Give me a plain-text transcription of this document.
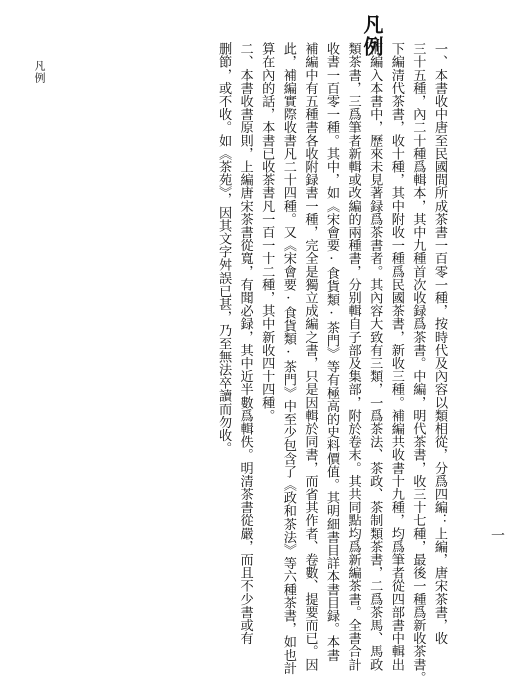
凡例
一、本書收中唐至民國間所成茶書一百零一種，按時代及內容以類相從，分爲四編：上編，唐宋茶書，收
三十五種，內二十種爲輯本，其中九種首次收録爲茶書。中編，明代茶書，收三十七種，最後一種爲新收茶書。
下編清代茶書，收十種，其中附收一種爲民國茶書，新收三種。補編共收書十九種，均爲筆者從四部書中輯出
而編入本書中，歷來未見著録爲茶書者。其內容大致有三類，一爲茶法、茶政、茶制類茶書，二爲茶馬、馬政
類茶書，三爲筆者新輯或改編的兩種書，分别輯自子部及集部，附於卷末。其共同點均爲新編茶書。全書合計
收書一百零一種。其中，如《宋會要·食貨類·茶門》等有極高的史料價值。其明細書目詳本書目録。本書
補編中有五種書各收附録書一種，完全是獨立成編之書，只是因輯於同書，而省其作者、卷數、提要而已。因
此，補編實際收書凡二十四種。又《宋會要·食貨類·茶門》中至少包含了《政和茶法》等六種茶書，如也計
算在內的話，本書已收茶書凡一百一十二種，其中新收四十四種。
二、本書收書原則，上編唐宋茶書從寬，有聞必録，其中近半數爲輯佚。明清茶書從嚴，而且不少書或有
删節，或不收。如《茶苑》，因其文字舛誤已甚，乃至無法卒讀而勿收。
凡例
一
